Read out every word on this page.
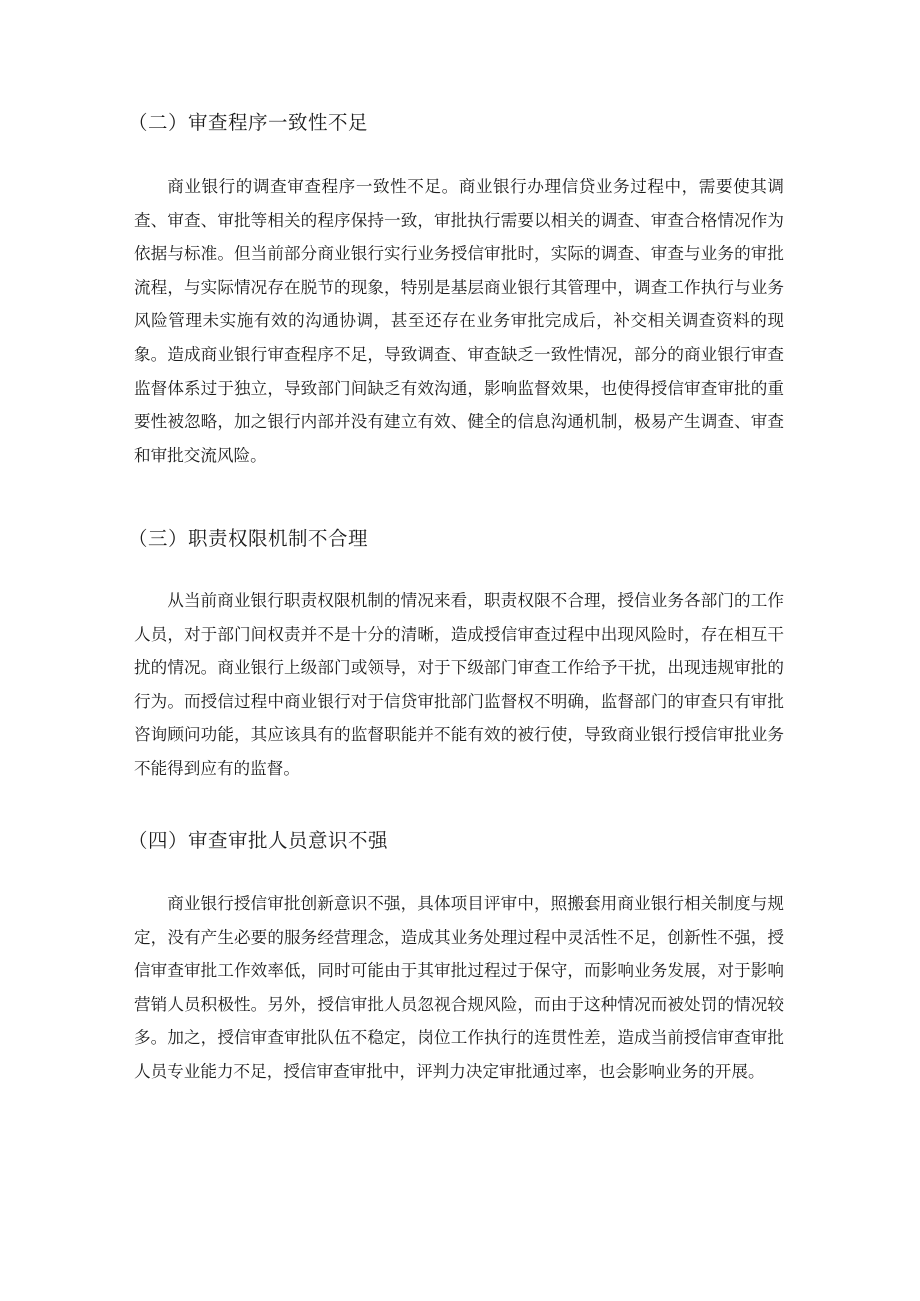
（二）审查程序一致性不足

商业银行的调查审查程序一致性不足。商业银行办理信贷业务过程中，需要使其调查、审查、审批等相关的程序保持一致，审批执行需要以相关的调查、审查合格情况作为依据与标准。但当前部分商业银行实行业务授信审批时，实际的调查、审查与业务的审批流程，与实际情况存在脱节的现象，特别是基层商业银行其管理中，调查工作执行与业务风险管理未实施有效的沟通协调，甚至还存在业务审批完成后，补交相关调查资料的现象。造成商业银行审查程序不足，导致调查、审查缺乏一致性情况，部分的商业银行审查监督体系过于独立，导致部门间缺乏有效沟通，影响监督效果，也使得授信审查审批的重要性被忽略，加之银行内部并没有建立有效、健全的信息沟通机制，极易产生调查、审查和审批交流风险。

（三）职责权限机制不合理

从当前商业银行职责权限机制的情况来看，职责权限不合理，授信业务各部门的工作人员，对于部门间权责并不是十分的清晰，造成授信审查过程中出现风险时，存在相互干扰的情况。商业银行上级部门或领导，对于下级部门审查工作给予干扰，出现违规审批的行为。而授信过程中商业银行对于信贷审批部门监督权不明确，监督部门的审查只有审批咨询顾问功能，其应该具有的监督职能并不能有效的被行使，导致商业银行授信审批业务不能得到应有的监督。

（四）审查审批人员意识不强

商业银行授信审批创新意识不强，具体项目评审中，照搬套用商业银行相关制度与规定，没有产生必要的服务经营理念，造成其业务处理过程中灵活性不足，创新性不强，授信审查审批工作效率低，同时可能由于其审批过程过于保守，而影响业务发展，对于影响营销人员积极性。另外，授信审批人员忽视合规风险，而由于这种情况而被处罚的情况较多。加之，授信审查审批队伍不稳定，岗位工作执行的连贯性差，造成当前授信审查审批人员专业能力不足，授信审查审批中，评判力决定审批通过率，也会影响业务的开展。
